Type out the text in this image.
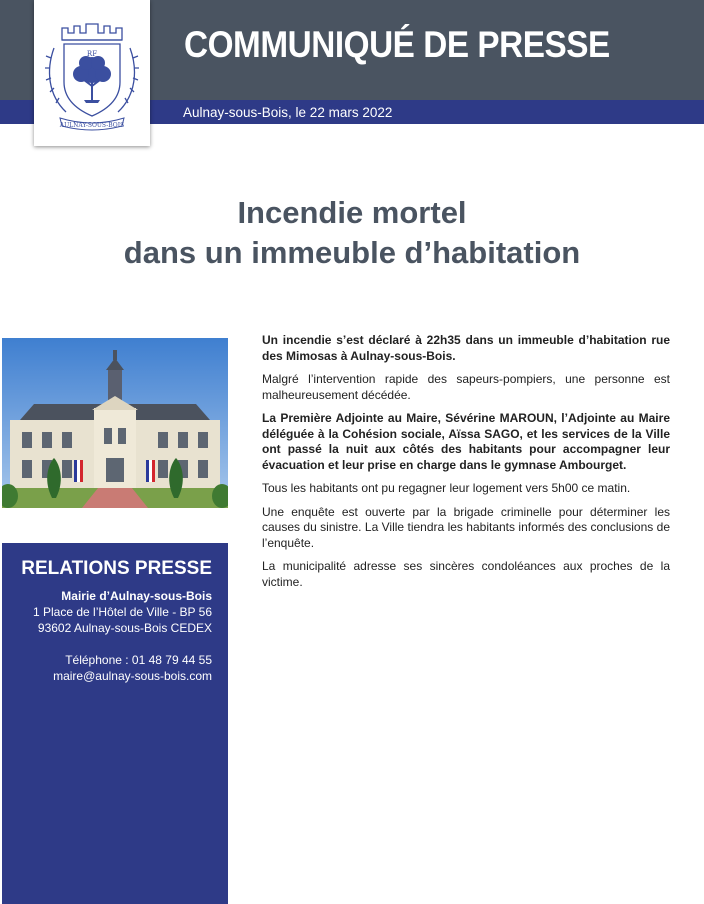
COMMUNIQUÉ DE PRESSE
Aulnay-sous-Bois, le 22 mars 2022
RF
AULNAY-SOUS-BOIS
Incendie mortel
dans un immeuble d’habitation

Un incendie s’est déclaré à 22h35 dans un immeuble d’habitation rue des Mimosas à Aulnay-sous-Bois.

Malgré l’intervention rapide des sapeurs-pompiers, une personne est malheureusement décédée.

La Première Adjointe au Maire, Sévérine MAROUN, l’Adjointe au Maire déléguée à la Cohésion sociale, Aïssa SAGO, et les services de la Ville ont passé la nuit aux côtés des habitants pour accompagner leur évacuation et leur prise en charge dans le gymnase Ambourget.

Tous les habitants ont pu regagner leur logement vers 5h00 ce matin.

Une enquête est ouverte par la brigade criminelle pour déterminer les causes du sinistre. La Ville tiendra les habitants informés des conclusions de l’enquête.

La municipalité adresse ses sincères condoléances aux proches de la victime.

RELATIONS PRESSE
Mairie d’Aulnay-sous-Bois
1 Place de l’Hôtel de Ville - BP 56
93602 Aulnay-sous-Bois CEDEX
Téléphone : 01 48 79 44 55
maire@aulnay-sous-bois.com
